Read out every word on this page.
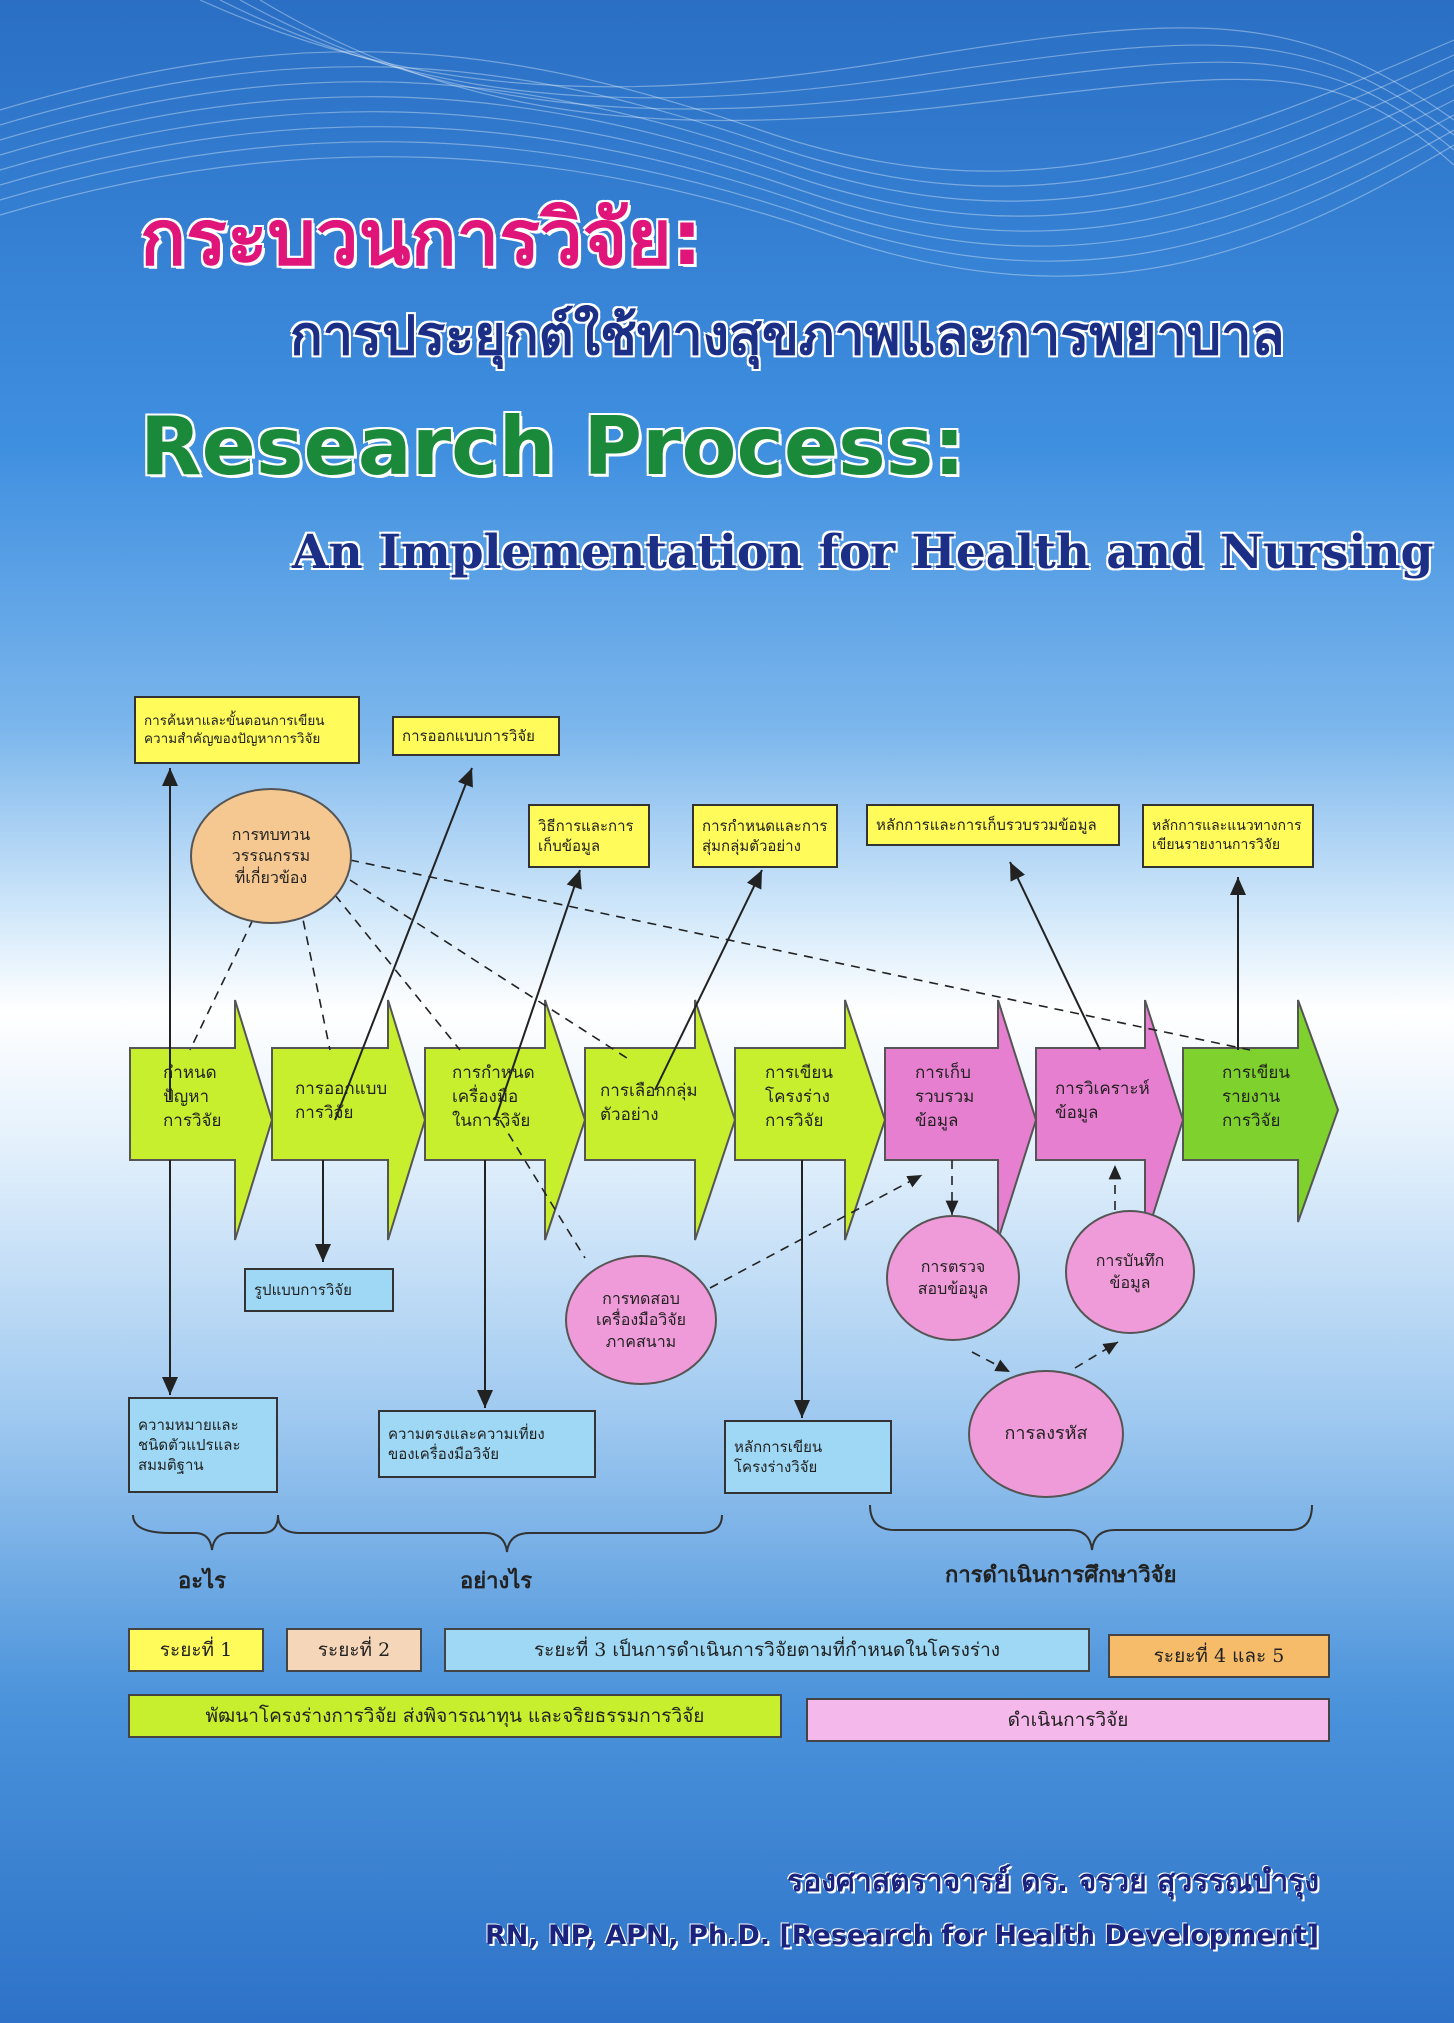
กระบวนการวิจัย:
การประยุกต์ใช้ทางสุขภาพและการพยาบาล
Research Process:
An Implementation for Health and Nursing
กำหนด
ปัญหา
การวิจัย
การออกแบบ
การวิจัย
การกำหนด
เครื่องมือ
ในการวิจัย
การเลือกกลุ่ม
ตัวอย่าง
การเขียน
โครงร่าง
การวิจัย
การเก็บ
รวบรวม
ข้อมูล
การวิเคราะห์
ข้อมูล
การเขียน
รายงาน
การวิจัย
การค้นหาและขั้นตอนการเขียน
ความสำคัญของปัญหาการวิจัย	การออกแบบการวิจัย
วิธีการและการ
เก็บข้อมูล
การกำหนดและการ
สุ่มกลุ่มตัวอย่าง
หลักการและการเก็บรวบรวมข้อมูล	หลักการและแนวทางการ
เขียนรายงานการวิจัย
รูปแบบการวิจัย
ความหมายและ
ชนิดตัวแปรและ
สมมติฐาน
ความตรงและความเที่ยง
ของเครื่องมือวิจัย	หลักการเขียน
โครงร่างวิจัย
การทบทวน
วรรณกรรม
ที่เกี่ยวข้อง
การทดสอบ
เครื่องมือวิจัย
ภาคสนาม
การตรวจ
สอบข้อมูล
การบันทึก
ข้อมูล
การลงรหัส
อะไร	อย่างไร	การดำเนินการศึกษาวิจัย
ระยะที่ 1	ระยะที่ 2	ระยะที่ 3 เป็นการดำเนินการวิจัยตามที่กำหนดในโครงร่าง	ระยะที่ 4 และ 5
พัฒนาโครงร่างการวิจัย ส่งพิจารณาทุน และจริยธรรมการวิจัย	ดำเนินการวิจัย
รองศาสตราจารย์ ดร. จรวย สุวรรณบำรุง
RN, NP, APN, Ph.D. [Research for Health Development]
